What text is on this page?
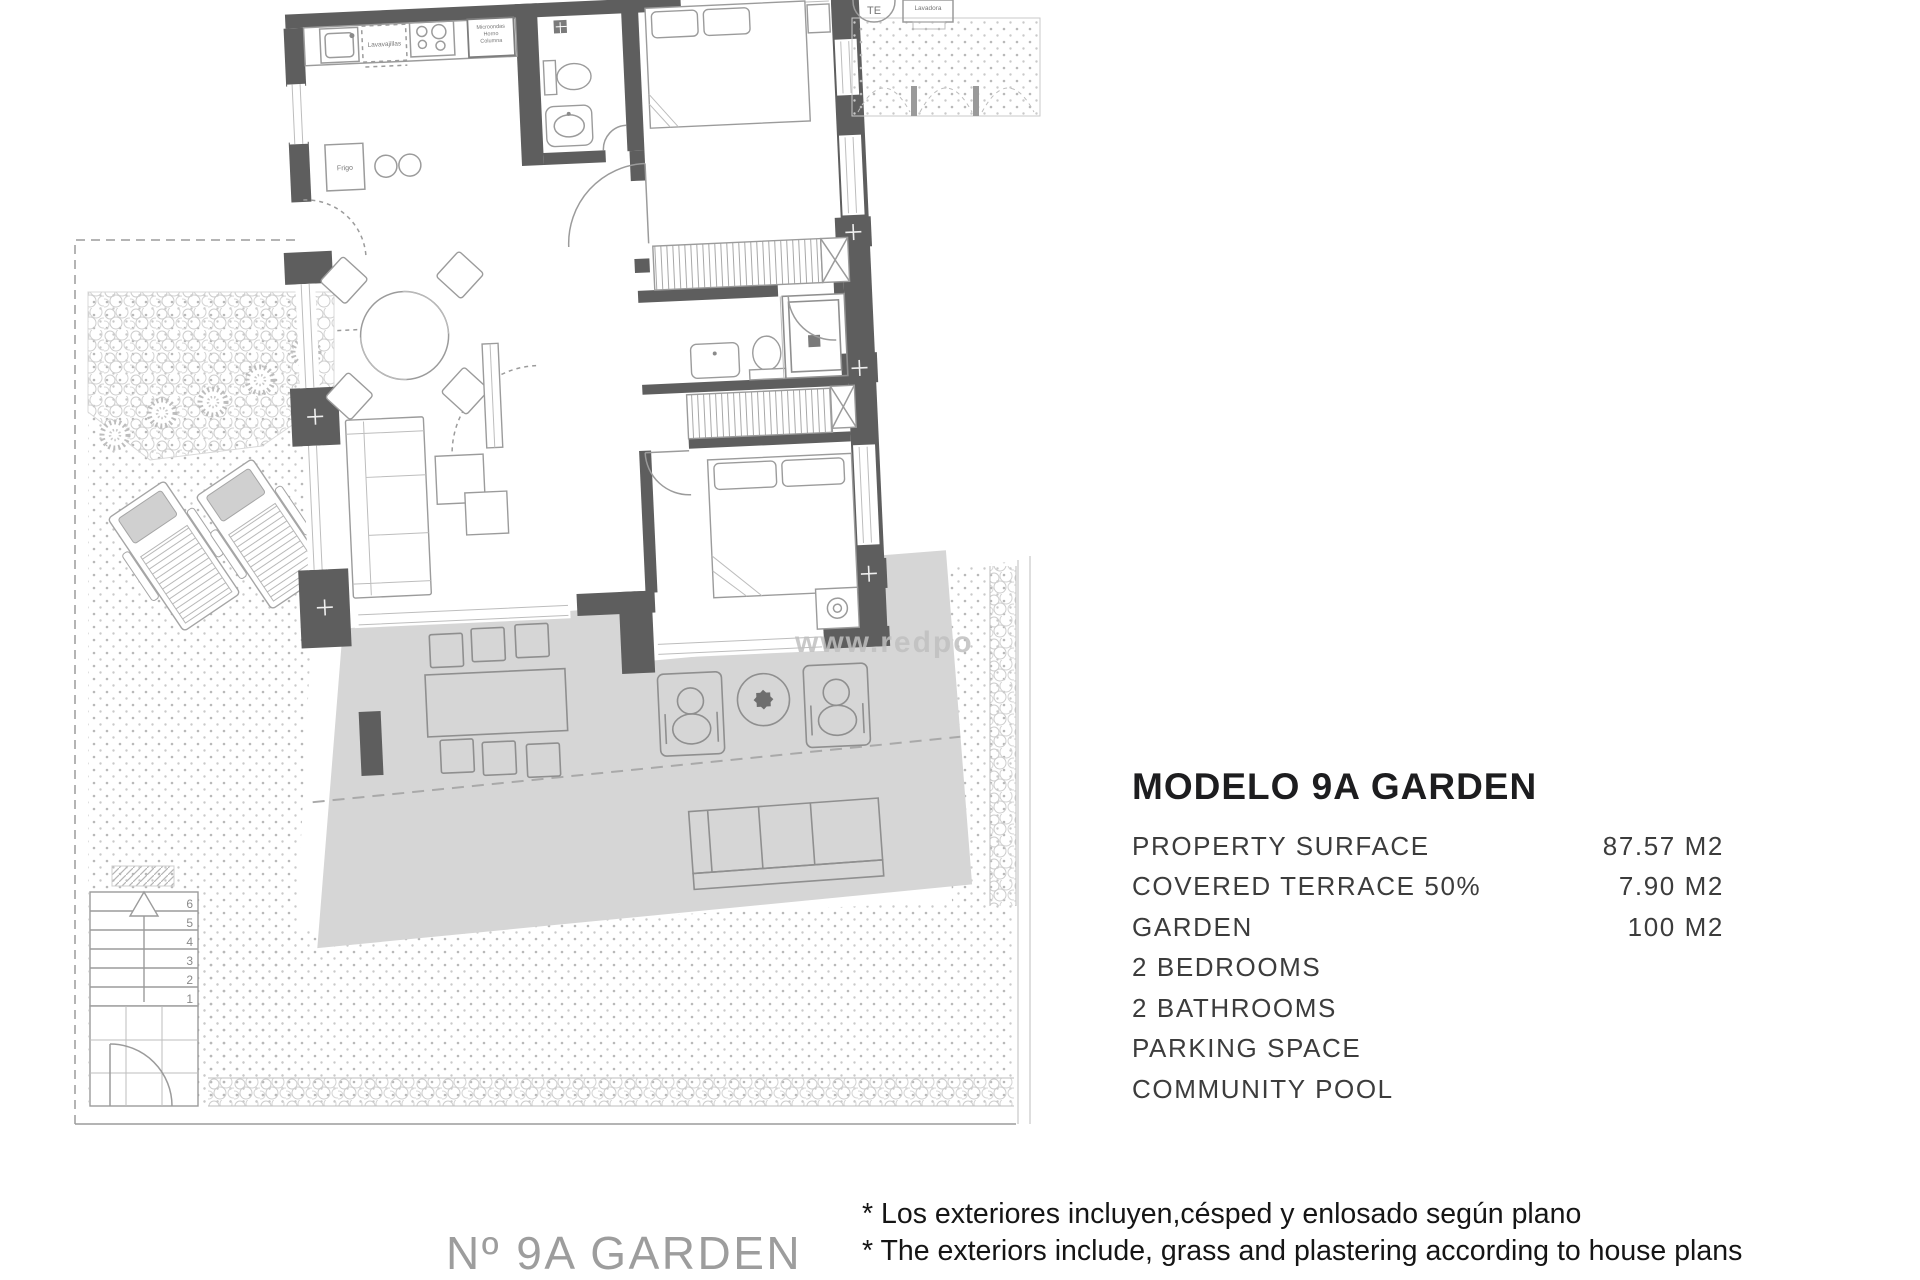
6
5
4
3
2
1
Lavavajillas
Microondas
Horno
Columna
Frigo
TE	Lavadora
www.redpo
MODELO 9A GARDEN
PROPERTY SURFACE	87.57 M2
COVERED TERRACE 50%	7.90 M2
GARDEN	100 M2
2 BEDROOMS
2 BATHROOMS
PARKING SPACE
COMMUNITY POOL
* Los exteriores incluyen,césped y enlosado según plano
* The exteriors include, grass and plastering according to house plans
Nº 9A GARDEN
